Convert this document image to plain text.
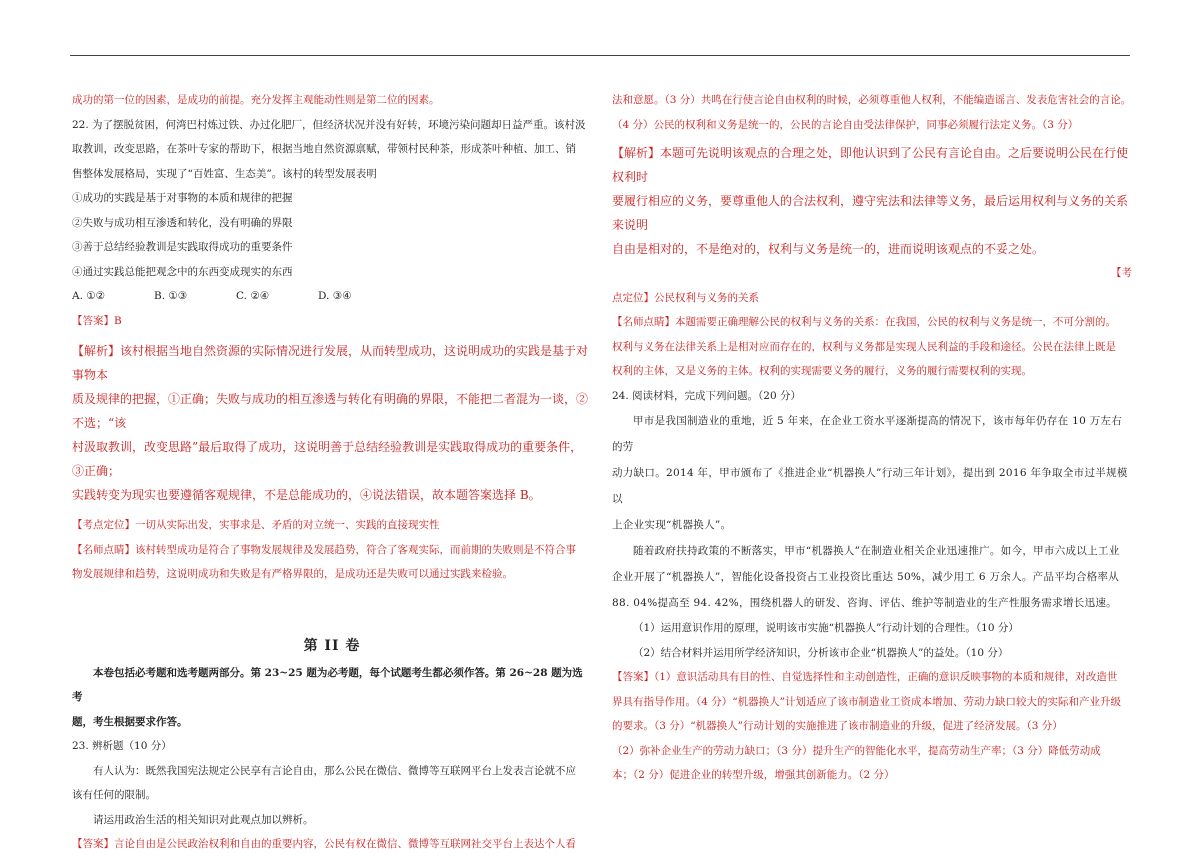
成功的第一位的因素，是成功的前提。充分发挥主观能动性则是第二位的因素。

22. 为了摆脱贫困，何湾巴村炼过铁、办过化肥厂，但经济状况并没有好转，环境污染问题却日益严重。该村汲

取教训，改变思路，在茶叶专家的帮助下，根据当地自然资源禀赋，带领村民种茶，形成茶叶种植、加工、销

售整体发展格局，实现了“百姓富、生态美”。该村的转型发展表明

①成功的实践是基于对事物的本质和规律的把握

②失败与成功相互渗透和转化，没有明确的界限

③善于总结经验教训是实践取得成功的重要条件

④通过实践总能把观念中的东西变成现实的东西

A. ①②	B. ①③	C. ②④	D. ③④

【答案】B

【解析】该村根据当地自然资源的实际情况进行发展，从而转型成功，这说明成功的实践是基于对事物本

质及规律的把握，①正确；失败与成功的相互渗透与转化有明确的界限，不能把二者混为一谈，②不选；“该

村汲取教训，改变思路”最后取得了成功，这说明善于总结经验教训是实践取得成功的重要条件，③正确；

实践转变为现实也要遵循客观规律，不是总能成功的，④说法错误，故本题答案选择 B。

【考点定位】一切从实际出发，实事求是、矛盾的对立统一、实践的直接现实性

【名师点睛】该村转型成功是符合了事物发展规律及发展趋势，符合了客观实际，而前期的失败则是不符合事

物发展规律和趋势，这说明成功和失败是有严格界限的，是成功还是失败可以通过实践来检验。

第 II 卷

本卷包括必考题和选考题两部分。第 23~25 题为必考题，每个试题考生都必须作答。第 26~28 题为选考

题，考生根据要求作答。

23. 辨析题（10 分）

有人认为：既然我国宪法规定公民享有言论自由，那么公民在微信、微博等互联网平台上发表言论就不应

该有任何的限制。

请运用政治生活的相关知识对此观点加以辨析。

【答案】言论自由是公民政治权利和自由的重要内容，公民有权在微信、微博等互联网社交平台上表达个人看

法和意愿。（3 分）共鸣在行使言论自由权利的时候，必须尊重他人权利，不能编造谣言、发表危害社会的言论。

（4 分）公民的权利和义务是统一的，公民的言论自由受法律保护，同事必须履行法定义务。（3 分）

【解析】本题可先说明该观点的合理之处，即他认识到了公民有言论自由。之后要说明公民在行使权利时

要履行相应的义务，要尊重他人的合法权利，遵守宪法和法律等义务，最后运用权利与义务的关系来说明

自由是相对的，不是绝对的，权利与义务是统一的，进而说明该观点的不妥之处。

【考

点定位】公民权利与义务的关系

【名师点睛】本题需要正确理解公民的权利与义务的关系：在我国，公民的权利与义务是统一，不可分割的。

权利与义务在法律关系上是相对应而存在的，权利与义务都是实现人民利益的手段和途径。公民在法律上既是

权利的主体，又是义务的主体。权利的实现需要义务的履行，义务的履行需要权利的实现。

24. 阅读材料，完成下列问题。（20 分）

甲市是我国制造业的重地，近 5 年来，在企业工资水平逐渐提高的情况下，该市每年仍存在 10 万左右的劳

动力缺口。2014 年，甲市颁布了《推进企业“机器换人”行动三年计划》，提出到 2016 年争取全市过半规模以

上企业实现“机器换人”。

随着政府扶持政策的不断落实，甲市“机器换人”在制造业相关企业迅速推广。如今，甲市六成以上工业

企业开展了“机器换人”，智能化设备投资占工业投资比重达 50%，减少用工 6 万余人。产品平均合格率从

88. 04%提高至 94. 42%，围绕机器人的研发、咨询、评估、维护等制造业的生产性服务需求增长迅速。

（1）运用意识作用的原理，说明该市实施“机器换人”行动计划的合理性。（10 分）

（2）结合材料并运用所学经济知识，分析该市企业“机器换人”的益处。（10 分）

【答案】（1）意识活动具有目的性、自觉选择性和主动创造性，正确的意识反映事物的本质和规律，对改造世

界具有指导作用。（4 分）“机器换人”计划适应了该市制造业工资成本增加、劳动力缺口较大的实际和产业升级

的要求。（3 分）“机器换人”行动计划的实施推进了该市制造业的升级，促进了经济发展。（3 分）

（2）弥补企业生产的劳动力缺口；（3 分）提升生产的智能化水平，提高劳动生产率；（3 分）降低劳动成

本；（2 分）促进企业的转型升级，增强其创新能力。（2 分）
